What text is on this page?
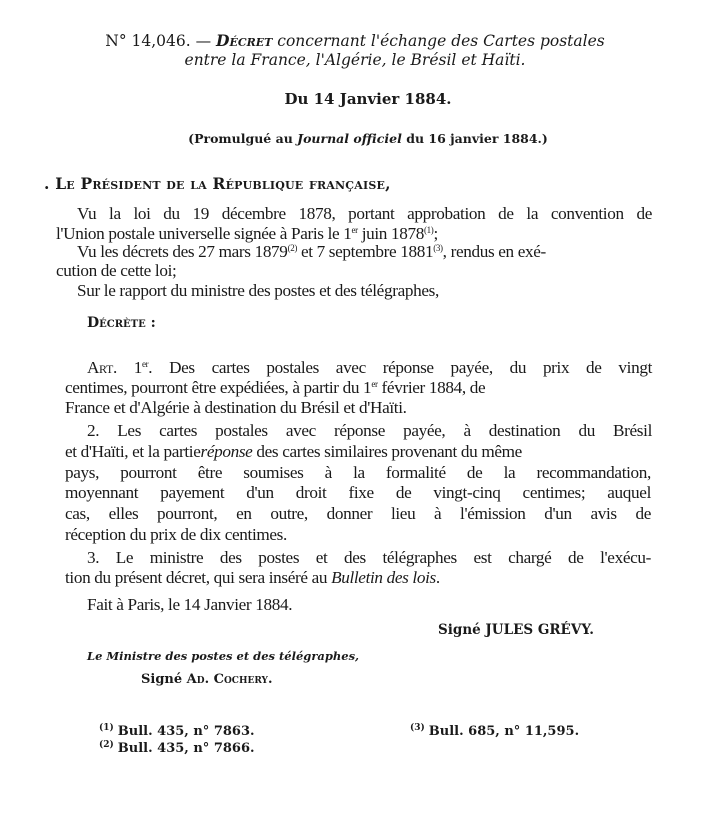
N° 14,046. — Décret concernant l'échange des Cartes postales
entre la France, l'Algérie, le Brésil et Haïti.
Du 14 Janvier 1884.
(Promulgué au Journal officiel du 16 janvier 1884.)
. Le Président de la République française,
Vu la loi du 19 décembre 1878, portant approbation de la convention de
l'Union postale universelle signée à Paris le 1er juin 1878$^{(1)}$;
Vu les décrets des 27 mars 1879$^{(2)}$ et 7 septembre 1881$^{(3)}$, rendus en exé-
cution de cette loi;
Sur le rapport du ministre des postes et des télégraphes,
Décrète :
Art. 1er. Des cartes postales avec réponse payée, du prix de vingt
centimes, pourront être expédiées, à partir du 1er février 1884, de
France et d'Algérie à destination du Brésil et d'Haïti.
2. Les cartes postales avec réponse payée, à destination du Brésil
et d'Haïti, et la partieréponse des cartes similaires provenant du même
pays, pourront être soumises à la formalité de la recommandation,
moyennant payement d'un droit fixe de vingt-cinq centimes; auquel
cas, elles pourront, en outre, donner lieu à l'émission d'un avis de
réception du prix de dix centimes.
3. Le ministre des postes et des télégraphes est chargé de l'exécu-
tion du présent décret, qui sera inséré au Bulletin des lois.
Fait à Paris, le 14 Janvier 1884.
Signé JULES GRÉVY.
Le Ministre des postes et des télégraphes,
Signé Ad. Cochery.
$^{(1)}$ Bull. 435, n° 7863.
$^{(2)}$ Bull. 435, n° 7866.
$^{(3)}$ Bull. 685, n° 11,595.
